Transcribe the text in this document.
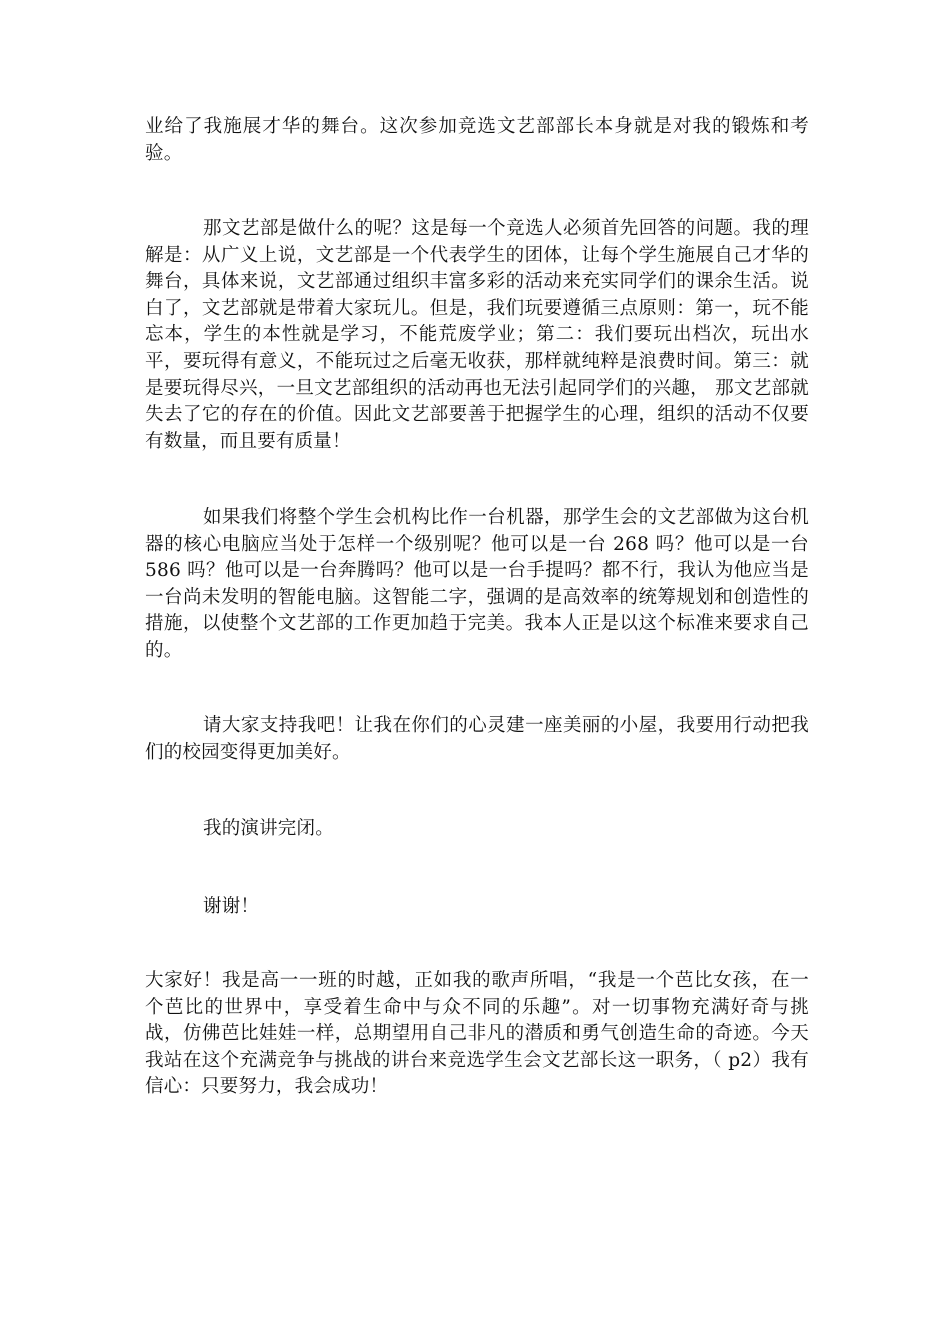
业给了我施展才华的舞台。这次参加竞选文艺部部长本身就是对我的锻炼和考验。

那文艺部是做什么的呢？这是每一个竞选人必须首先回答的问题。我的理解是：从广义上说，文艺部是一个代表学生的团体，让每个学生施展自己才华的舞台，具体来说，文艺部通过组织丰富多彩的活动来充实同学们的课余生活。说白了，文艺部就是带着大家玩儿。但是，我们玩要遵循三点原则：第一，玩不能忘本，学生的本性就是学习，不能荒废学业；第二：我们要玩出档次，玩出水平，要玩得有意义，不能玩过之后毫无收获，那样就纯粹是浪费时间。第三：就是要玩得尽兴，一旦文艺部组织的活动再也无法引起同学们的兴趣， 那文艺部就失去了它的存在的价值。因此文艺部要善于把握学生的心理，组织的活动不仅要有数量，而且要有质量！

如果我们将整个学生会机构比作一台机器，那学生会的文艺部做为这台机器的核心电脑应当处于怎样一个级别呢？他可以是一台 268 吗？他可以是一台586 吗？他可以是一台奔腾吗？他可以是一台手提吗？都不行，我认为他应当是一台尚未发明的智能电脑。这智能二字，强调的是高效率的统筹规划和创造性的措施，以使整个文艺部的工作更加趋于完美。我本人正是以这个标准来要求自己的。

请大家支持我吧！让我在你们的心灵建一座美丽的小屋，我要用行动把我们的校园变得更加美好。

我的演讲完闭。

谢谢！

大家好！我是高一一班的时越，正如我的歌声所唱，“我是一个芭比女孩，在一个芭比的世界中，享受着生命中与众不同的乐趣”。对一切事物充满好奇与挑战，仿佛芭比娃娃一样，总期望用自己非凡的潜质和勇气创造生命的奇迹。今天我站在这个充满竞争与挑战的讲台来竞选学生会文艺部长这一职务，（ p2）我有信心：只要努力，我会成功！
